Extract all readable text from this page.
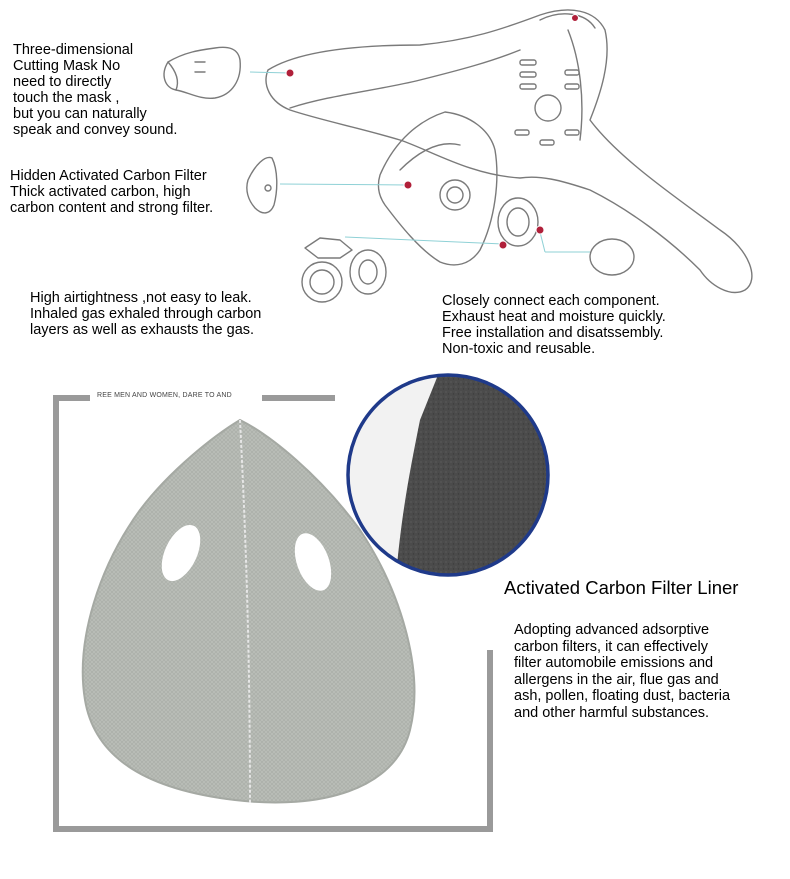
Three-dimensional
Cutting Mask No
need to directly
touch the mask ,
but you can naturally
speak and convey sound.
Hidden Activated Carbon Filter
Thick activated carbon, high
carbon content and strong filter.
High airtightness ,not easy to leak.
Inhaled gas exhaled through carbon
layers as well as exhausts the gas.
Closely connect each component.
Exhaust heat and moisture quickly.
Free installation and disatssembly.
Non-toxic and reusable.
REE MEN AND WOMEN, DARE TO AND
Activated Carbon Filter Liner
Adopting advanced adsorptive
carbon filters, it can effectively
filter automobile emissions and
allergens in the air, flue gas and
ash, pollen, floating dust, bacteria
and other harmful substances.
